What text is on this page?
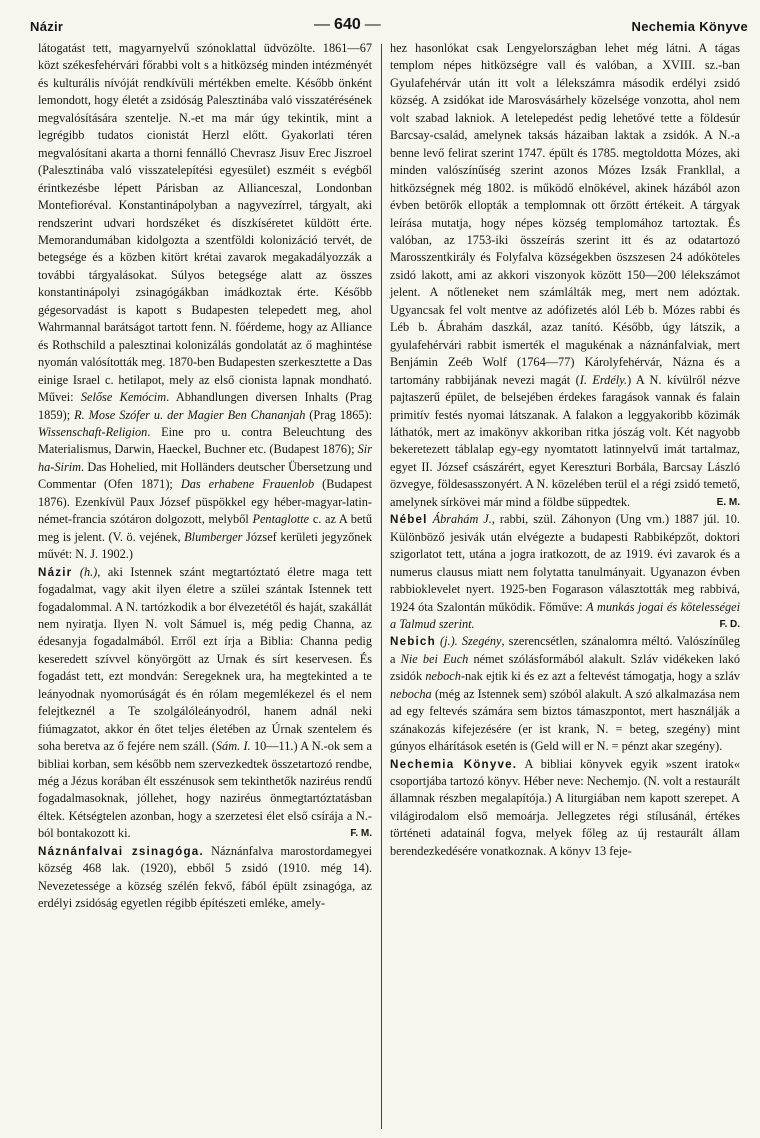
Názir	— 640 —	Nechemia Könyve

látogatást tett, magyarnyelvű szónoklattal üdvözölte. 1861—67 közt székesfehérvári főrabbi volt s a hitközség minden intézményét és kulturális nívóját rendkívüli mértékben emelte. Később önként lemondott, hogy életét a zsidóság Palesztinába való visszatérésének megvalósítására szentelje. N.-et ma már úgy tekintik, mint a legrégibb tudatos cionistát Herzl előtt. Gyakorlati téren megvalósítani akarta a thorni fennálló Chevrasz Jisuv Erec Jiszroel (Palesztinába való visszatelepítési egyesület) eszméit s evégből érintkezésbe lépett Párisban az Allianceszal, Londonban Montefioréval. Konstantinápolyban a nagyvezírrel, tárgyalt, aki rendszerint udvari hordszéket és díszkíséretet küldött érte. Memorandumában kidolgozta a szentföldi kolonizáció tervét, de betegsége és a közben kitört krétai zavarok megakadályozzák a további tárgyalásokat. Súlyos betegsége alatt az összes konstantinápolyi zsinagógákban imádkoztak érte. Később gégesorvadást is kapott s Budapesten telepedett meg, ahol Wahrmannal barátságot tartott fenn. N. főérdeme, hogy az Alliance és Rothschild a palesztinai kolonizálás gondolatát az ő maghintése nyomán valósították meg. 1870-ben Budapesten szerkesztette a Das einige Israel c. hetilapot, mely az első cionista lapnak mondható. Művei: Selőse Kemócim. Abhandlungen diversen Inhalts (Prag 1859); R. Mose Szófer u. der Magier Ben Chananjah (Prag 1865): Wissenschaft-Religion. Eine pro u. contra Beleuchtung des Materialismus, Darwin, Haeckel, Buchner etc. (Budapest 1876); Sir ha-Sirim. Das Hohelied, mit Holländers deutscher Übersetzung und Commentar (Ofen 1871); Das erhabene Frauenlob (Budapest 1876). Ezenkívül Paux József püspökkel egy héber-magyar-latin-német-francia szótáron dolgozott, melyből Pentaglotte c. az A betű meg is jelent. (V. ö. vejének, Blumberger József kerületi jegyzőnek művét: N. J. 1902.)

Názir (h.), aki Istennek szánt megtartóztató életre maga tett fogadalmat, vagy akit ilyen életre a szülei szántak Istennek tett fogadalommal. A N. tartózkodik a bor élvezetétől és haját, szakállát nem nyiratja. Ilyen N. volt Sámuel is, még pedig Channa, az édesanyja fogadalmából. Erről ezt írja a Biblia: Channa pedig keseredett szívvel könyörgött az Urnak és sírt keservesen. És fogadást tett, ezt mondván: Seregeknek ura, ha megtekinted a te leányodnak nyomorúságát és én rólam megemlékezel és el nem felejtkeznél a Te szolgálóleányodról, hanem adnál neki fiúmagzatot, akkor én őtet teljes életében az Úrnak szentelem és soha beretva az ő fejére nem száll. (Sám. I. 10—11.) A N.-ok sem a bibliai korban, sem később nem szervezkedtek összetartozó rendbe, még a Jézus korában élt esszénusok sem tekinthetők naziréus rendű fogadalmasoknak, jóllehet, hogy naziréus önmegtartóztatásban éltek. Kétségtelen azonban, hogy a szerzetesi élet első csírája a N.-ból bontakozott ki.	F. M.

Náznánfalvai zsinagóga. Náznánfalva marostordamegyei község 468 lak. (1920), ebből 5 zsidó (1910. még 14). Nevezetessége a község szélén fekvő, fából épült zsinagóga, az erdélyi zsidóság egyetlen régibb építészeti emléke, amely-

hez hasonlókat csak Lengyelországban lehet még látni. A tágas templom népes hitközségre vall és valóban, a XVIII. sz.-ban Gyulafehérvár után itt volt a lélekszámra második erdélyi zsidó község. A zsidókat ide Marosvásárhely közelsége vonzotta, ahol nem volt szabad lakniok. A letelepedést pedig lehetővé tette a földesúr Barcsay-család, amelynek taksás házaiban laktak a zsidók. A N.-a benne levő felirat szerint 1747. épült és 1785. megtoldotta Mózes, aki minden valószínűség szerint azonos Mózes Izsák Frankllal, a hitközségnek még 1802. is működő elnökével, akinek házából azon évben betörők ellopták a templomnak ott őrzött értékeit. A tárgyak leírása mutatja, hogy népes község templomához tartoztak. És valóban, az 1753-iki összeírás szerint itt és az odatartozó Marosszentkirály és Folyfalva községekben öszszesen 24 adóköteles zsidó lakott, ami az akkori viszonyok között 150—200 lélekszámot jelent. A nőtleneket nem számlálták meg, mert nem adóztak. Ugyancsak fel volt mentve az adófizetés alól Léb b. Mózes rabbi és Léb b. Ábrahám daszkál, azaz tanító. Később, úgy látszik, a gyulafehérvári rabbit ismerték el magukénak a náznánfalviak, mert Benjámin Zeéb Wolf (1764—77) Károlyfehérvár, Názna és a tartomány rabbijának nevezi magát (I. Erdély.) A N. kívülről nézve pajtaszerű épület, de belsejében érdekes faragások vannak és falain primitív festés nyomai látszanak. A falakon a leggyakoribb közimák láthatók, mert az imakönyv akkoriban ritka jószág volt. Két nagyobb bekeretezett táblalap egy-egy nyomtatott latinnyelvű imát tartalmaz, egyet II. József császárért, egyet Kereszturi Borbála, Barcsay László özvegye, földesasszonyért. A N. közelében terül el a régi zsidó temető, amelynek sírkövei már mind a földbe süppedtek.	E. M.

Nébel Ábrahám J., rabbi, szül. Záhonyon (Ung vm.) 1887 júl. 10. Különböző jesivák után elvégezte a budapesti Rabbiképzőt, doktori szigorlatot tett, utána a jogra iratkozott, de az 1919. évi zavarok és a numerus clausus miatt nem folytatta tanulmányait. Ugyanazon évben rabbioklevelet nyert. 1925-ben Fogarason választották meg rabbivá, 1924 óta Szalontán működik. Főműve: A munkás jogai és kötelességei a Talmud szerint.	F. D.

Nebich (j.). Szegény, szerencsétlen, szánalomra méltó. Valószínűleg a Nie bei Euch német szólásformából alakult. Szláv vidékeken lakó zsidók neboch-nak ejtik ki és ez azt a feltevést támogatja, hogy a szláv nebocha (még az Istennek sem) szóból alakult. A szó alkalmazása nem ad egy feltevés számára sem biztos támaszpontot, mert használják a szánakozás kifejezésére (er ist krank, N. = beteg, szegény) mint gúnyos elhárítások esetén is (Geld will er N. = pénzt akar szegény).

Nechemia Könyve. A bibliai könyvek egyik »szent iratok« csoportjába tartozó könyv. Héber neve: Nechemjo. (N. volt a restaurált államnak részben megalapítója.) A liturgiában nem kapott szerepet. A világirodalom első memoárja. Jellegzetes régi stílusánál, értékes történeti adatainál fogva, melyek főleg az új restaurált állam berendezkedésére vonatkoznak. A könyv 13 feje-
